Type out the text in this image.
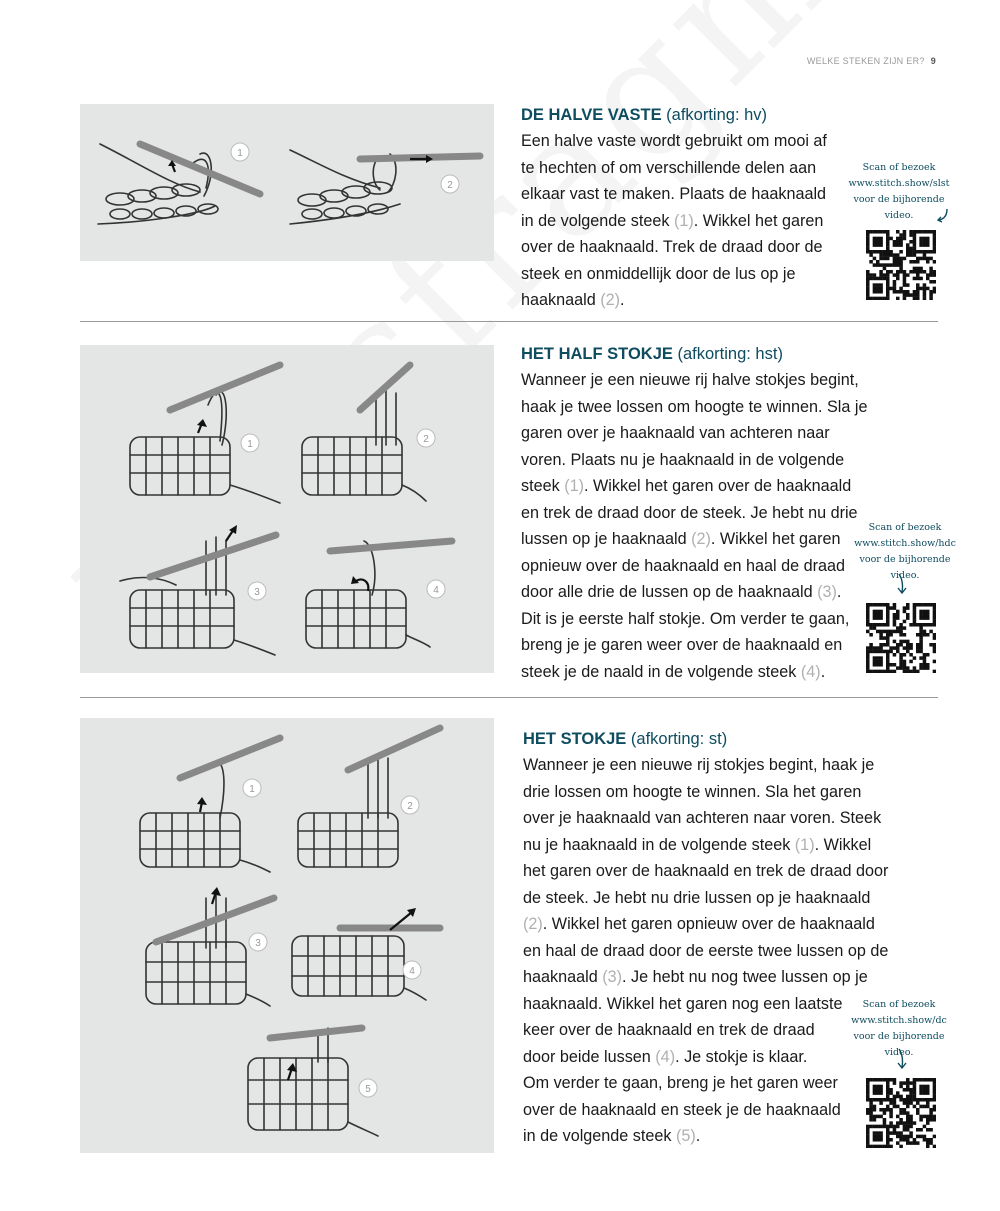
WELKE STEKEN ZIJN ER? 9
1
2
DE HALVE VASTE (afkorting: hv)

Een halve vaste wordt gebruikt om mooi af

te hechten of om verschillende delen aan

elkaar vast te maken. Plaats de haaknaald

in de volgende steek (1). Wikkel het garen

over de haaknaald. Trek de draad door de

steek en onmiddellijk door de lus op je

haaknaald (2).

Scan of bezoek
www.stitch.show/slst
voor de bijhorende video.
1	2
3	4
HET HALF STOKJE (afkorting: hst)

Wanneer je een nieuwe rij halve stokjes begint,

haak je twee lossen om hoogte te winnen. Sla je

garen over je haaknaald van achteren naar

voren. Plaats nu je haaknaald in de volgende

steek (1). Wikkel het garen over de haaknaald

en trek de draad door de steek. Je hebt nu drie

lussen op je haaknaald (2). Wikkel het garen

opnieuw over de haaknaald en haal de draad

door alle drie de lussen op de haaknaald (3).

Dit is je eerste half stokje. Om verder te gaan,

breng je je garen weer over de haaknaald en

steek je de naald in de volgende steek (4).

Scan of bezoek
www.stitch.show/hdc
voor de bijhorende video.
1
2
3
4
5
HET STOKJE (afkorting: st)

Wanneer je een nieuwe rij stokjes begint, haak je

drie lossen om hoogte te winnen. Sla het garen

over je haaknaald van achteren naar voren. Steek

nu je haaknaald in de volgende steek (1). Wikkel

het garen over de haaknaald en trek de draad door

de steek. Je hebt nu drie lussen op je haaknaald

(2). Wikkel het garen opnieuw over de haaknaald

en haal de draad door de eerste twee lussen op de

haaknaald (3). Je hebt nu nog twee lussen op je

haaknaald. Wikkel het garen nog een laatste

keer over de haaknaald en trek de draad

door beide lussen (4). Je stokje is klaar.

Om verder te gaan, breng je het garen weer

over de haaknaald en steek je de haaknaald

in de volgende steek (5).

Scan of bezoek
www.stitch.show/dc
voor de bijhorende video.
